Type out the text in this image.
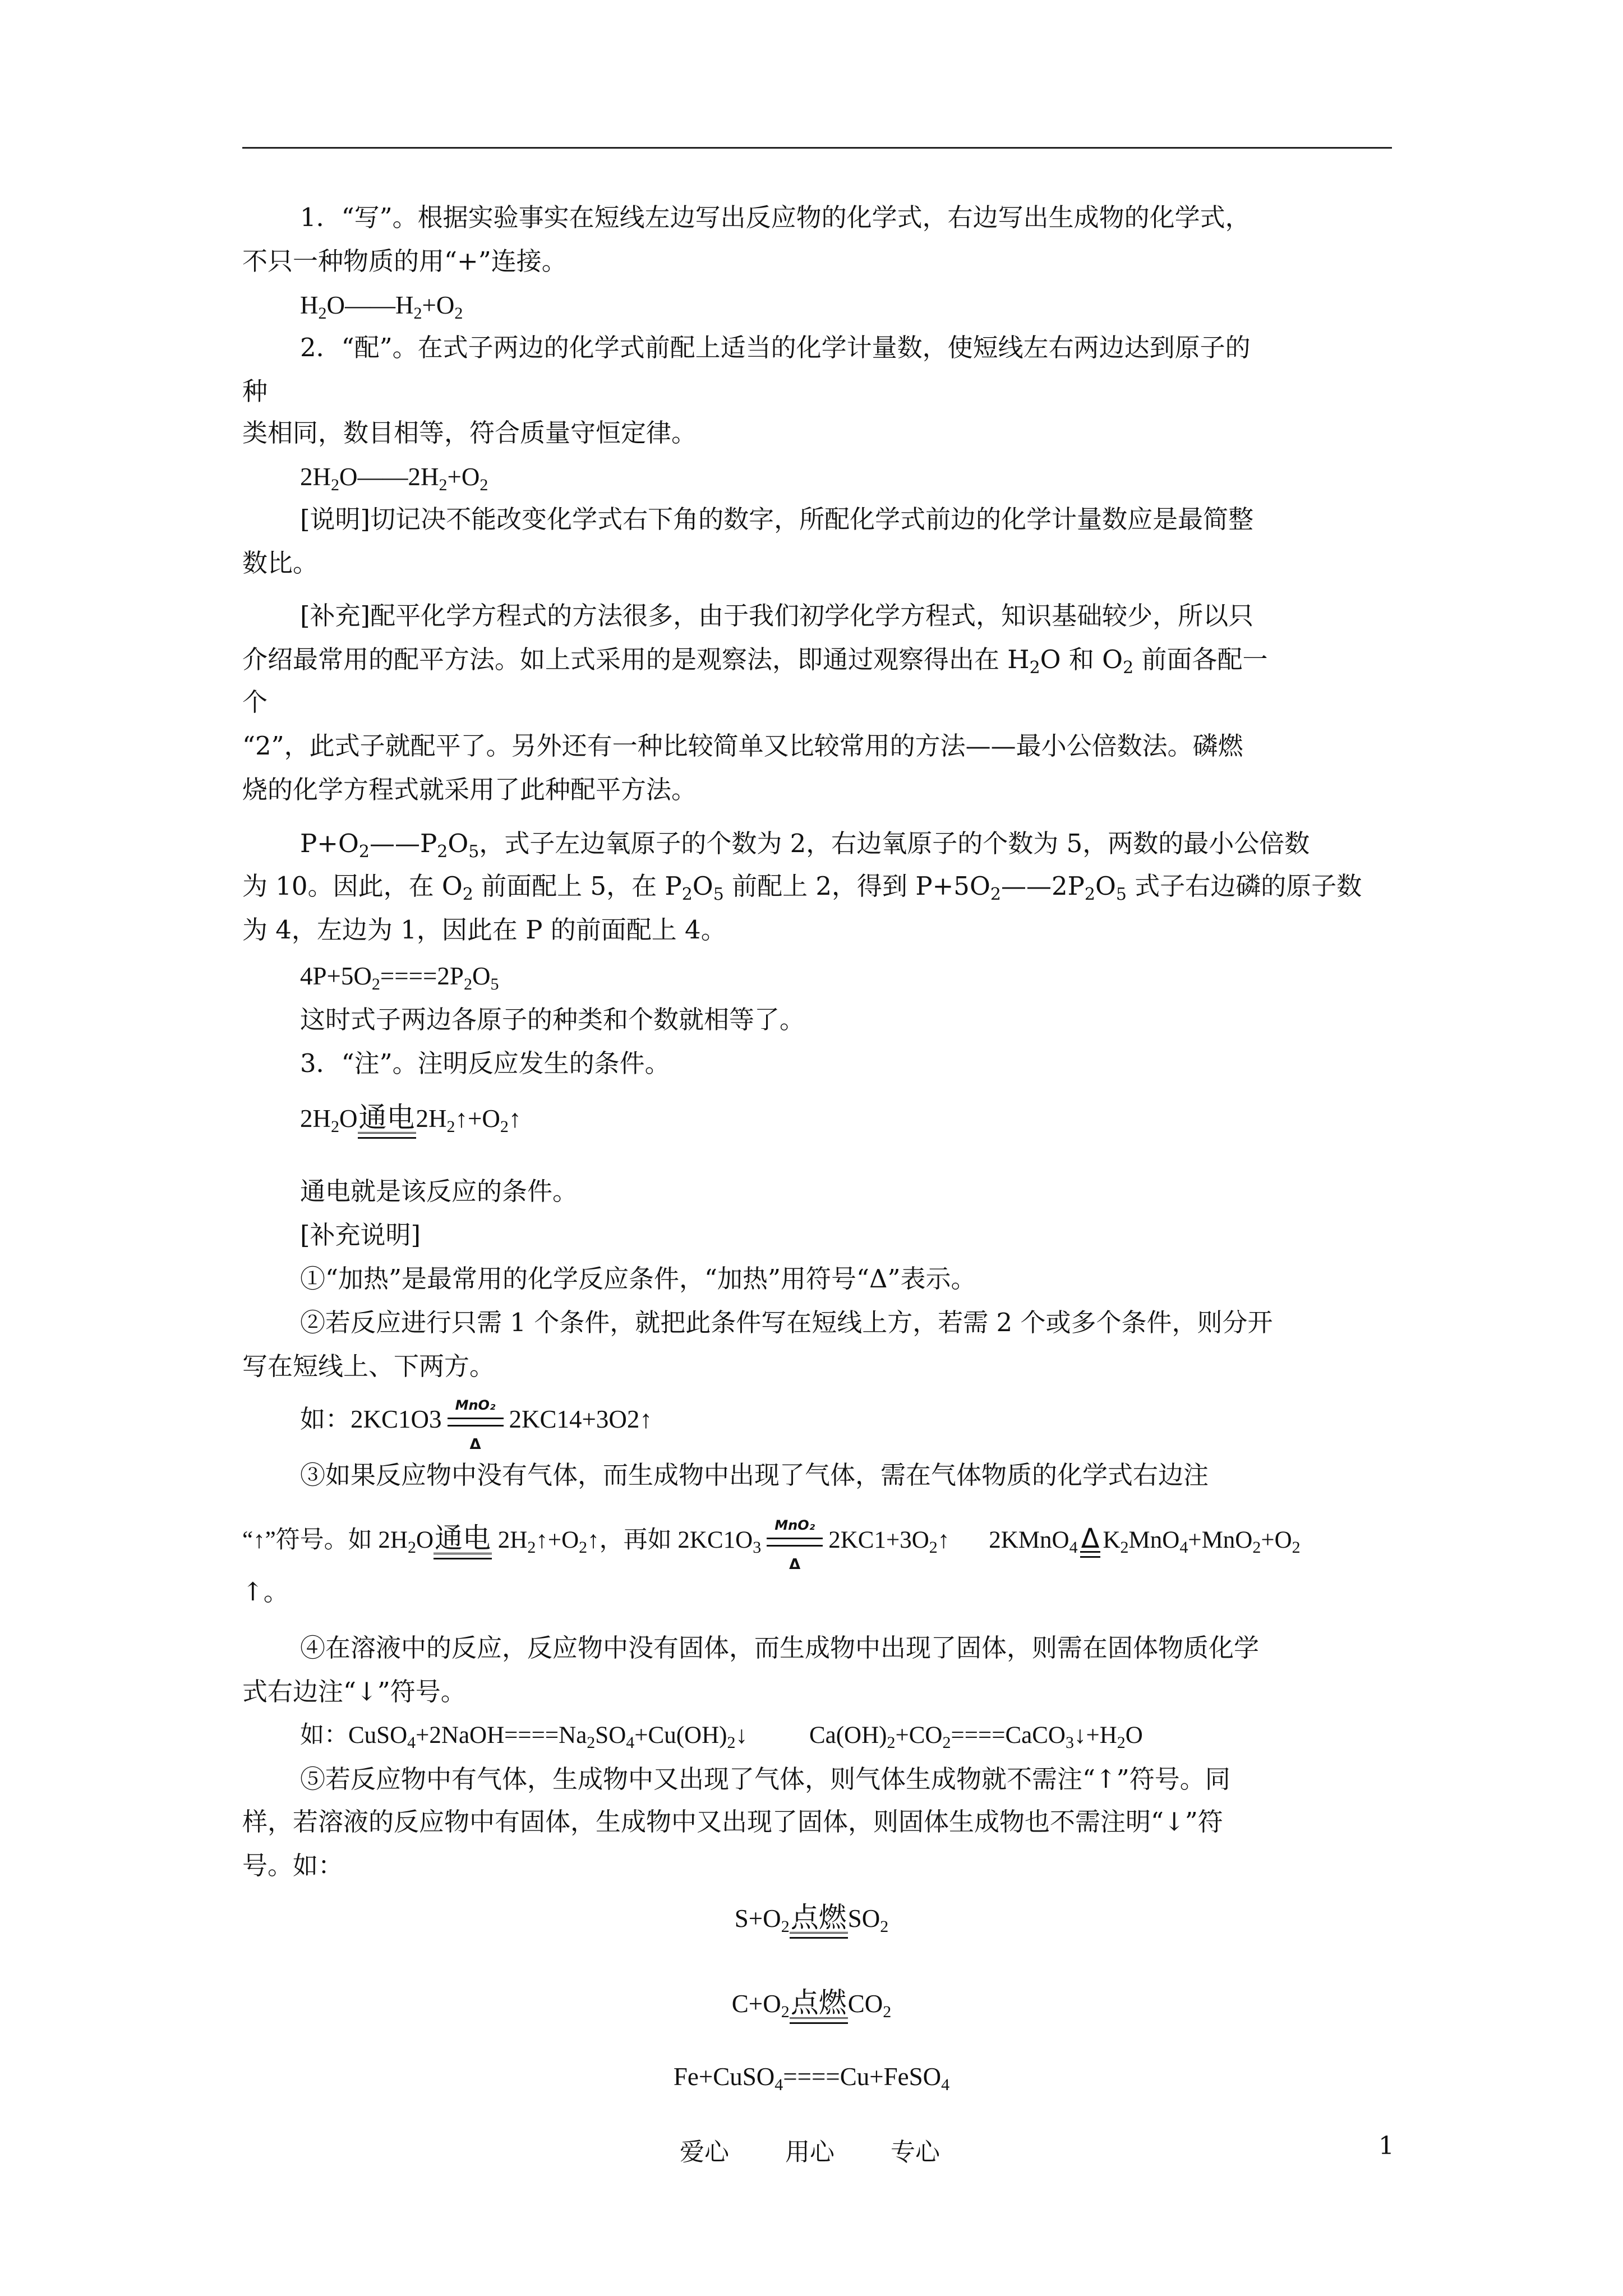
1．“写”。根据实验事实在短线左边写出反应物的化学式，右边写出生成物的化学式，
不只一种物质的用“+”连接。
$H_2O——H_2+O_2$
2．“配”。在式子两边的化学式前配上适当的化学计量数，使短线左右两边达到原子的
种
类相同，数目相等，符合质量守恒定律。
$2H_2O——2H_2+O_2$
[说明]切记决不能改变化学式右下角的数字，所配化学式前边的化学计量数应是最简整
数比。
[补充]配平化学方程式的方法很多，由于我们初学化学方程式，知识基础较少，所以只
介绍最常用的配平方法。如上式采用的是观察法，即通过观察得出在 $H_2O$ 和 $O_2$ 前面各配一
个
“2”，此式子就配平了。另外还有一种比较简单又比较常用的方法——最小公倍数法。磷燃
烧的化学方程式就采用了此种配平方法。
$P+O_2——P_2O_5$，式子左边氧原子的个数为 2，右边氧原子的个数为 5，两数的最小公倍数
为 10。因此，在 $O_2$ 前面配上 5，在 $P_2O_5$ 前配上 2，得到 $P+5O_2——2P_2O_5$ 式子右边磷的原子数
为 4，左边为 1，因此在 P 的前面配上 4。
$4P+5O_2====2P_2O_5$
这时式子两边各原子的种类和个数就相等了。
3．“注”。注明反应发生的条件。
$2H_2O$通电$2H_2↑+O_2↑$
通电就是该反应的条件。
[补充说明]
①“加热”是最常用的化学反应条件，“加热”用符号“Δ”表示。
②若反应进行只需 1 个条件，就把此条件写在短线上方，若需 2 个或多个条件，则分开
写在短线上、下两方。
如：2KC1O3
MnO₂
Δ
2KC14+3O2↑
③如果反应物中没有气体，而生成物中出现了气体，需在气体物质的化学式右边注
“↑”符号。如 $2H_2O$通电 $2H_2↑+O_2↑$，再如 $2KC1O_3$
MnO₂
Δ
$2KC1+3O_2↑$ 2KMnO$_4$ Δ $K_2MnO_4+MnO_2+O_2$
↑。
④在溶液中的反应，反应物中没有固体，而生成物中出现了固体，则需在固体物质化学
式右边注“↓”符号。
如：$CuSO_4+2NaOH====Na_2SO_4+Cu(OH)_2↓$	$Ca(OH)_2+CO_2====CaCO_3↓+H_2O$
⑤若反应物中有气体，生成物中又出现了气体，则气体生成物就不需注“↑”符号。同
样，若溶液的反应物中有固体，生成物中又出现了固体，则固体生成物也不需注明“↓”符
号。如：
$S+O_2$点燃$SO_2$
$C+O_2$点燃$CO_2$
Fe+CuSO$_4$====Cu+FeSO$_4$
爱心 用心 专心	1
